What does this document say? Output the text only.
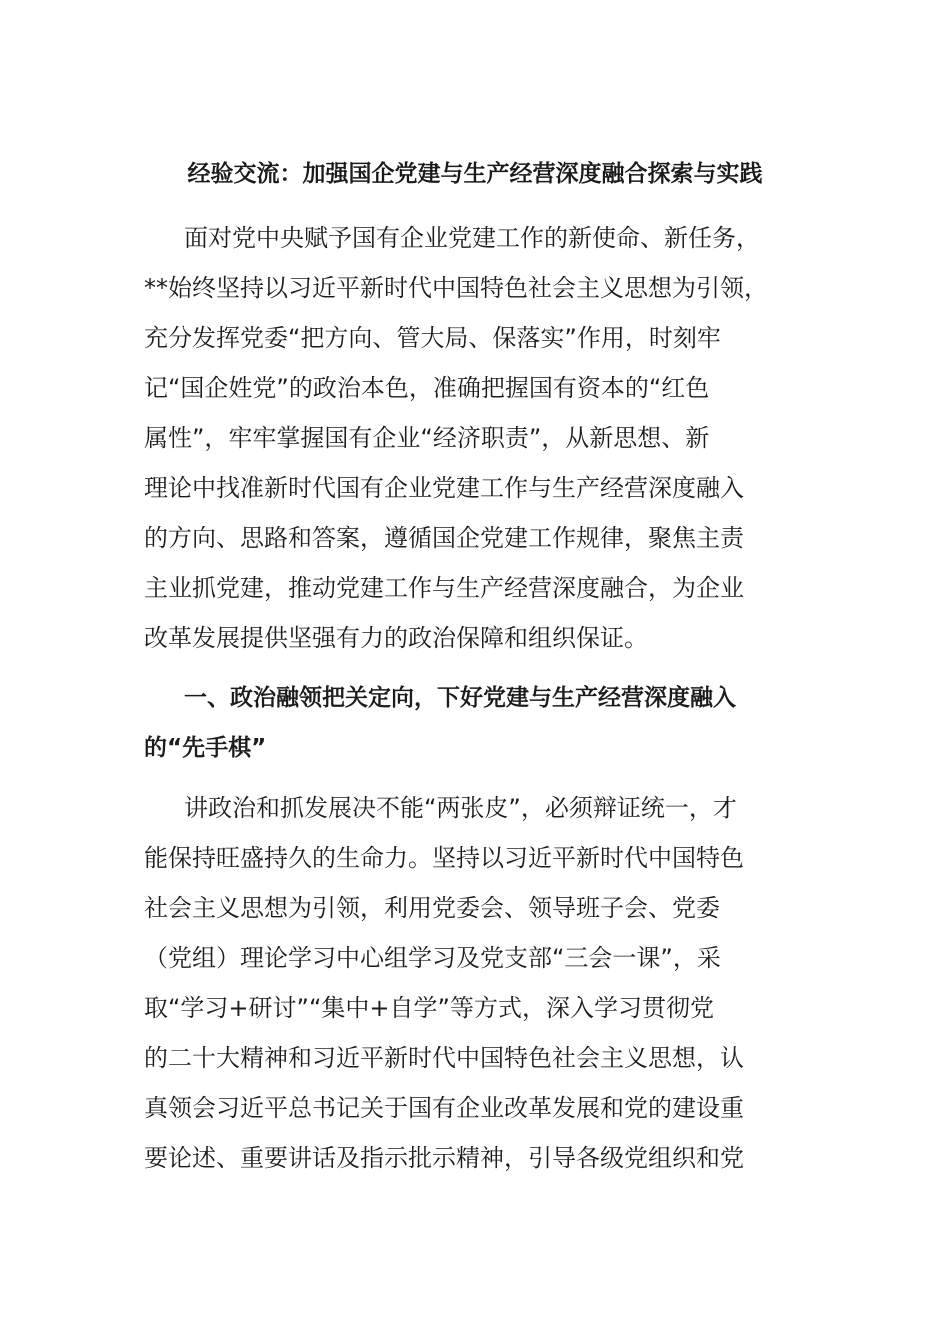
经验交流：加强国企党建与生产经营深度融合探索与实践
面对党中央赋予国有企业党建工作的新使命、新任务，
**始终坚持以习近平新时代中国特色社会主义思想为引领，
充分发挥党委“把方向、管大局、保落实”作用，时刻牢
记“国企姓党”的政治本色，准确把握国有资本的“红色
属性”，牢牢掌握国有企业“经济职责”，从新思想、新
理论中找准新时代国有企业党建工作与生产经营深度融入
的方向、思路和答案，遵循国企党建工作规律，聚焦主责
主业抓党建，推动党建工作与生产经营深度融合，为企业
改革发展提供坚强有力的政治保障和组织保证。
一、政治融领把关定向，下好党建与生产经营深度融入
的“先手棋”
讲政治和抓发展决不能“两张皮”，必须辩证统一，才
能保持旺盛持久的生命力。坚持以习近平新时代中国特色
社会主义思想为引领，利用党委会、领导班子会、党委
（党组）理论学习中心组学习及党支部“三会一课”，采
取“学习+研讨”“集中+自学”等方式，深入学习贯彻党
的二十大精神和习近平新时代中国特色社会主义思想，认
真领会习近平总书记关于国有企业改革发展和党的建设重
要论述、重要讲话及指示批示精神，引导各级党组织和党
